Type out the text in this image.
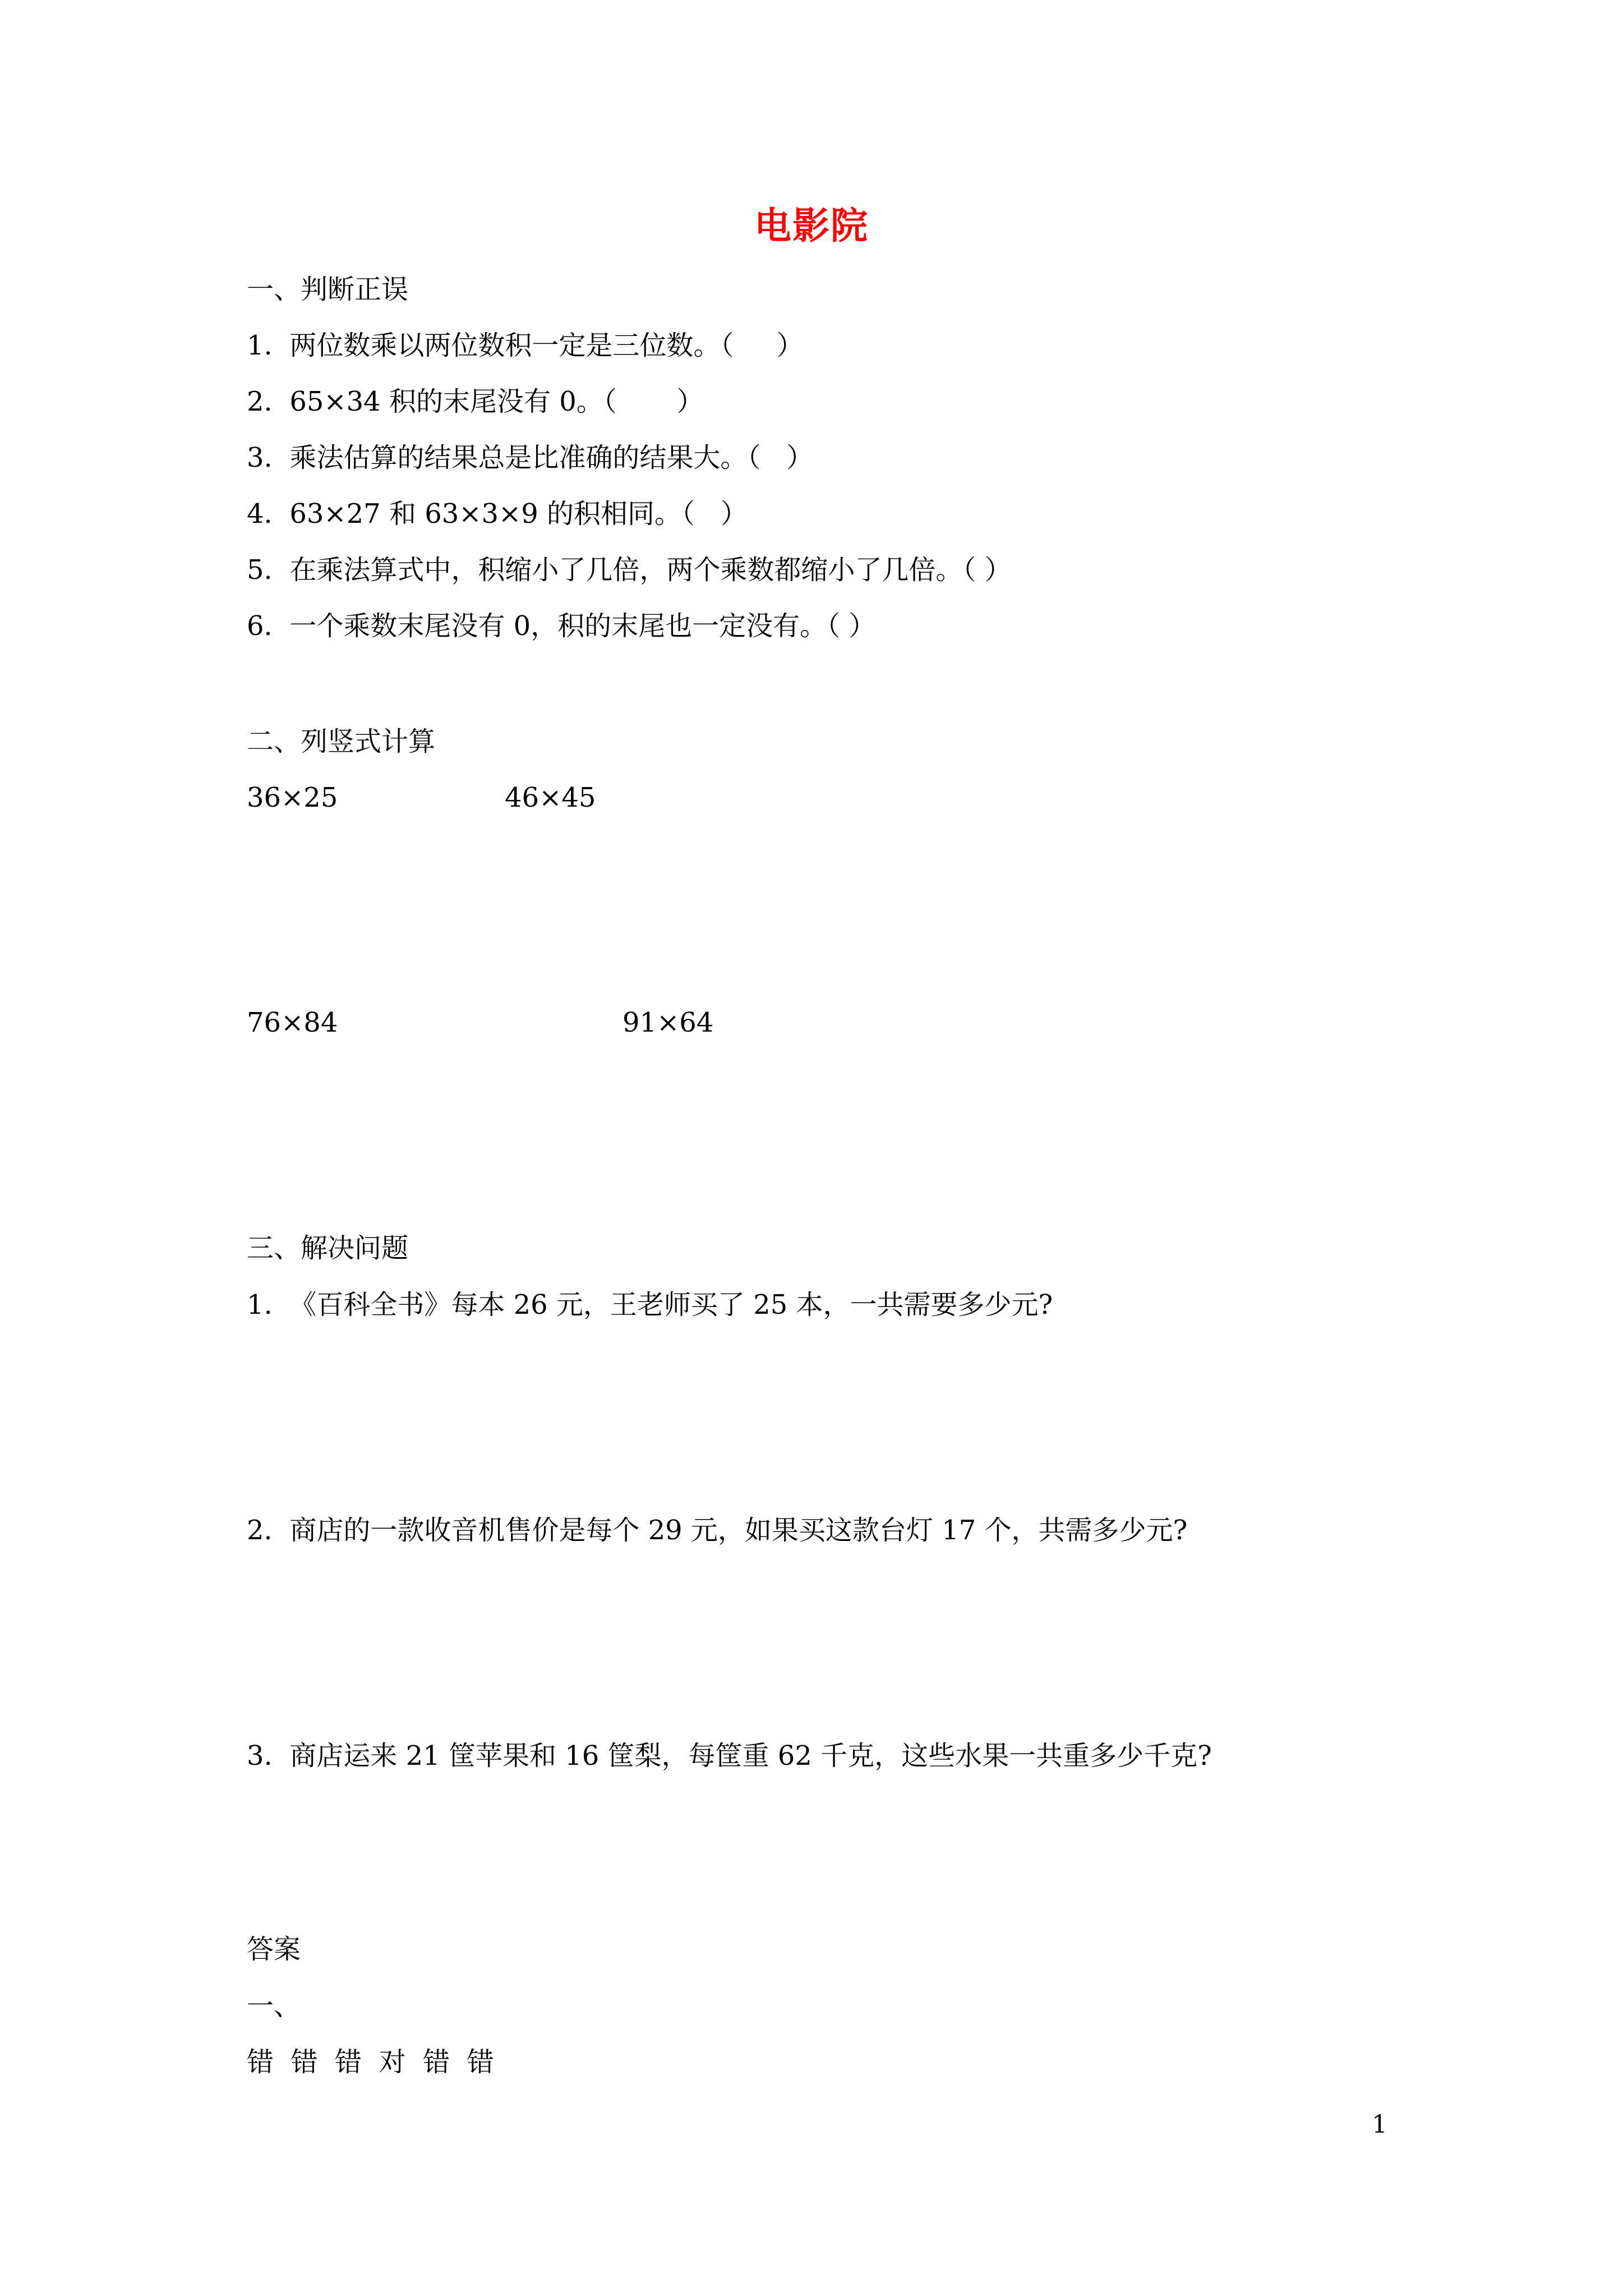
电影院
一、判断正误
1.  两位数乘以两位数积一定是三位数。（     ）
2.  65×34 积的末尾没有 0。（       ）
3.  乘法估算的结果总是比准确的结果大。（   ）
4.  63×27 和 63×3×9 的积相同。（   ）
5.  在乘法算式中，积缩小了几倍，两个乘数都缩小了几倍。（ ）
6.  一个乘数末尾没有 0，积的末尾也一定没有。（ ）
二、列竖式计算
36×25	46×45
76×84	91×64
三、解决问题
1.  《百科全书》每本 26 元，王老师买了 25 本，一共需要多少元?
2.  商店的一款收音机售价是每个 29 元，如果买这款台灯 17 个，共需多少元?
3.  商店运来 21 筐苹果和 16 筐梨，每筐重 62 千克，这些水果一共重多少千克?
答案
一、
错  错  错  对  错  错
1
